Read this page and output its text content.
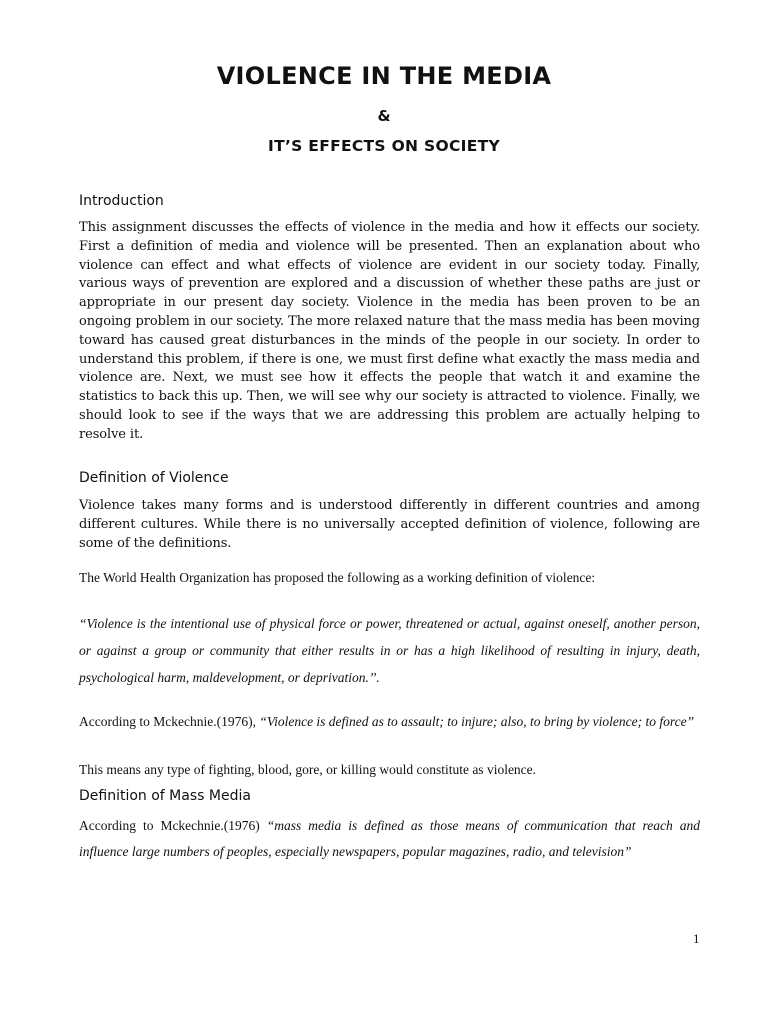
VIOLENCE IN THE MEDIA
&
IT’S EFFECTS ON SOCIETY
Introduction

This assignment discusses the effects of violence in the media and how it effects our society. First a definition of media and violence will be presented. Then an explanation about who violence can effect and what effects of violence are evident in our society today. Finally, various ways of prevention are explored and a discussion of whether these paths are just or appropriate in our present day society. Violence in the media has been proven to be an ongoing problem in our society. The more relaxed nature that the mass media has been moving toward has caused great disturbances in the minds of the people in our society. In order to understand this problem, if there is one, we must first define what exactly the mass media and violence are. Next, we must see how it effects the people that watch it and examine the statistics to back this up. Then, we will see why our society is attracted to violence. Finally, we should look to see if the ways that we are addressing this problem are actually helping to resolve it.

Definition of Violence

Violence takes many forms and is understood differently in different countries and among different cultures. While there is no universally accepted definition of violence, following are some of the definitions.

The World Health Organization has proposed the following as a working definition of violence:

“Violence is the intentional use of physical force or power, threatened or actual, against oneself, another person, or against a group or community that either results in or has a high likelihood of resulting in injury, death, psychological harm, maldevelopment, or deprivation.’’.

According to Mckechnie.(1976), “Violence is defined as to assault; to injure; also, to bring by violence; to force”

This means any type of fighting, blood, gore, or killing would constitute as violence.

Definition of Mass Media

According to Mckechnie.(1976) “mass media is defined as those means of communication that reach and influence large numbers of peoples, especially newspapers, popular magazines, radio, and television”

1
